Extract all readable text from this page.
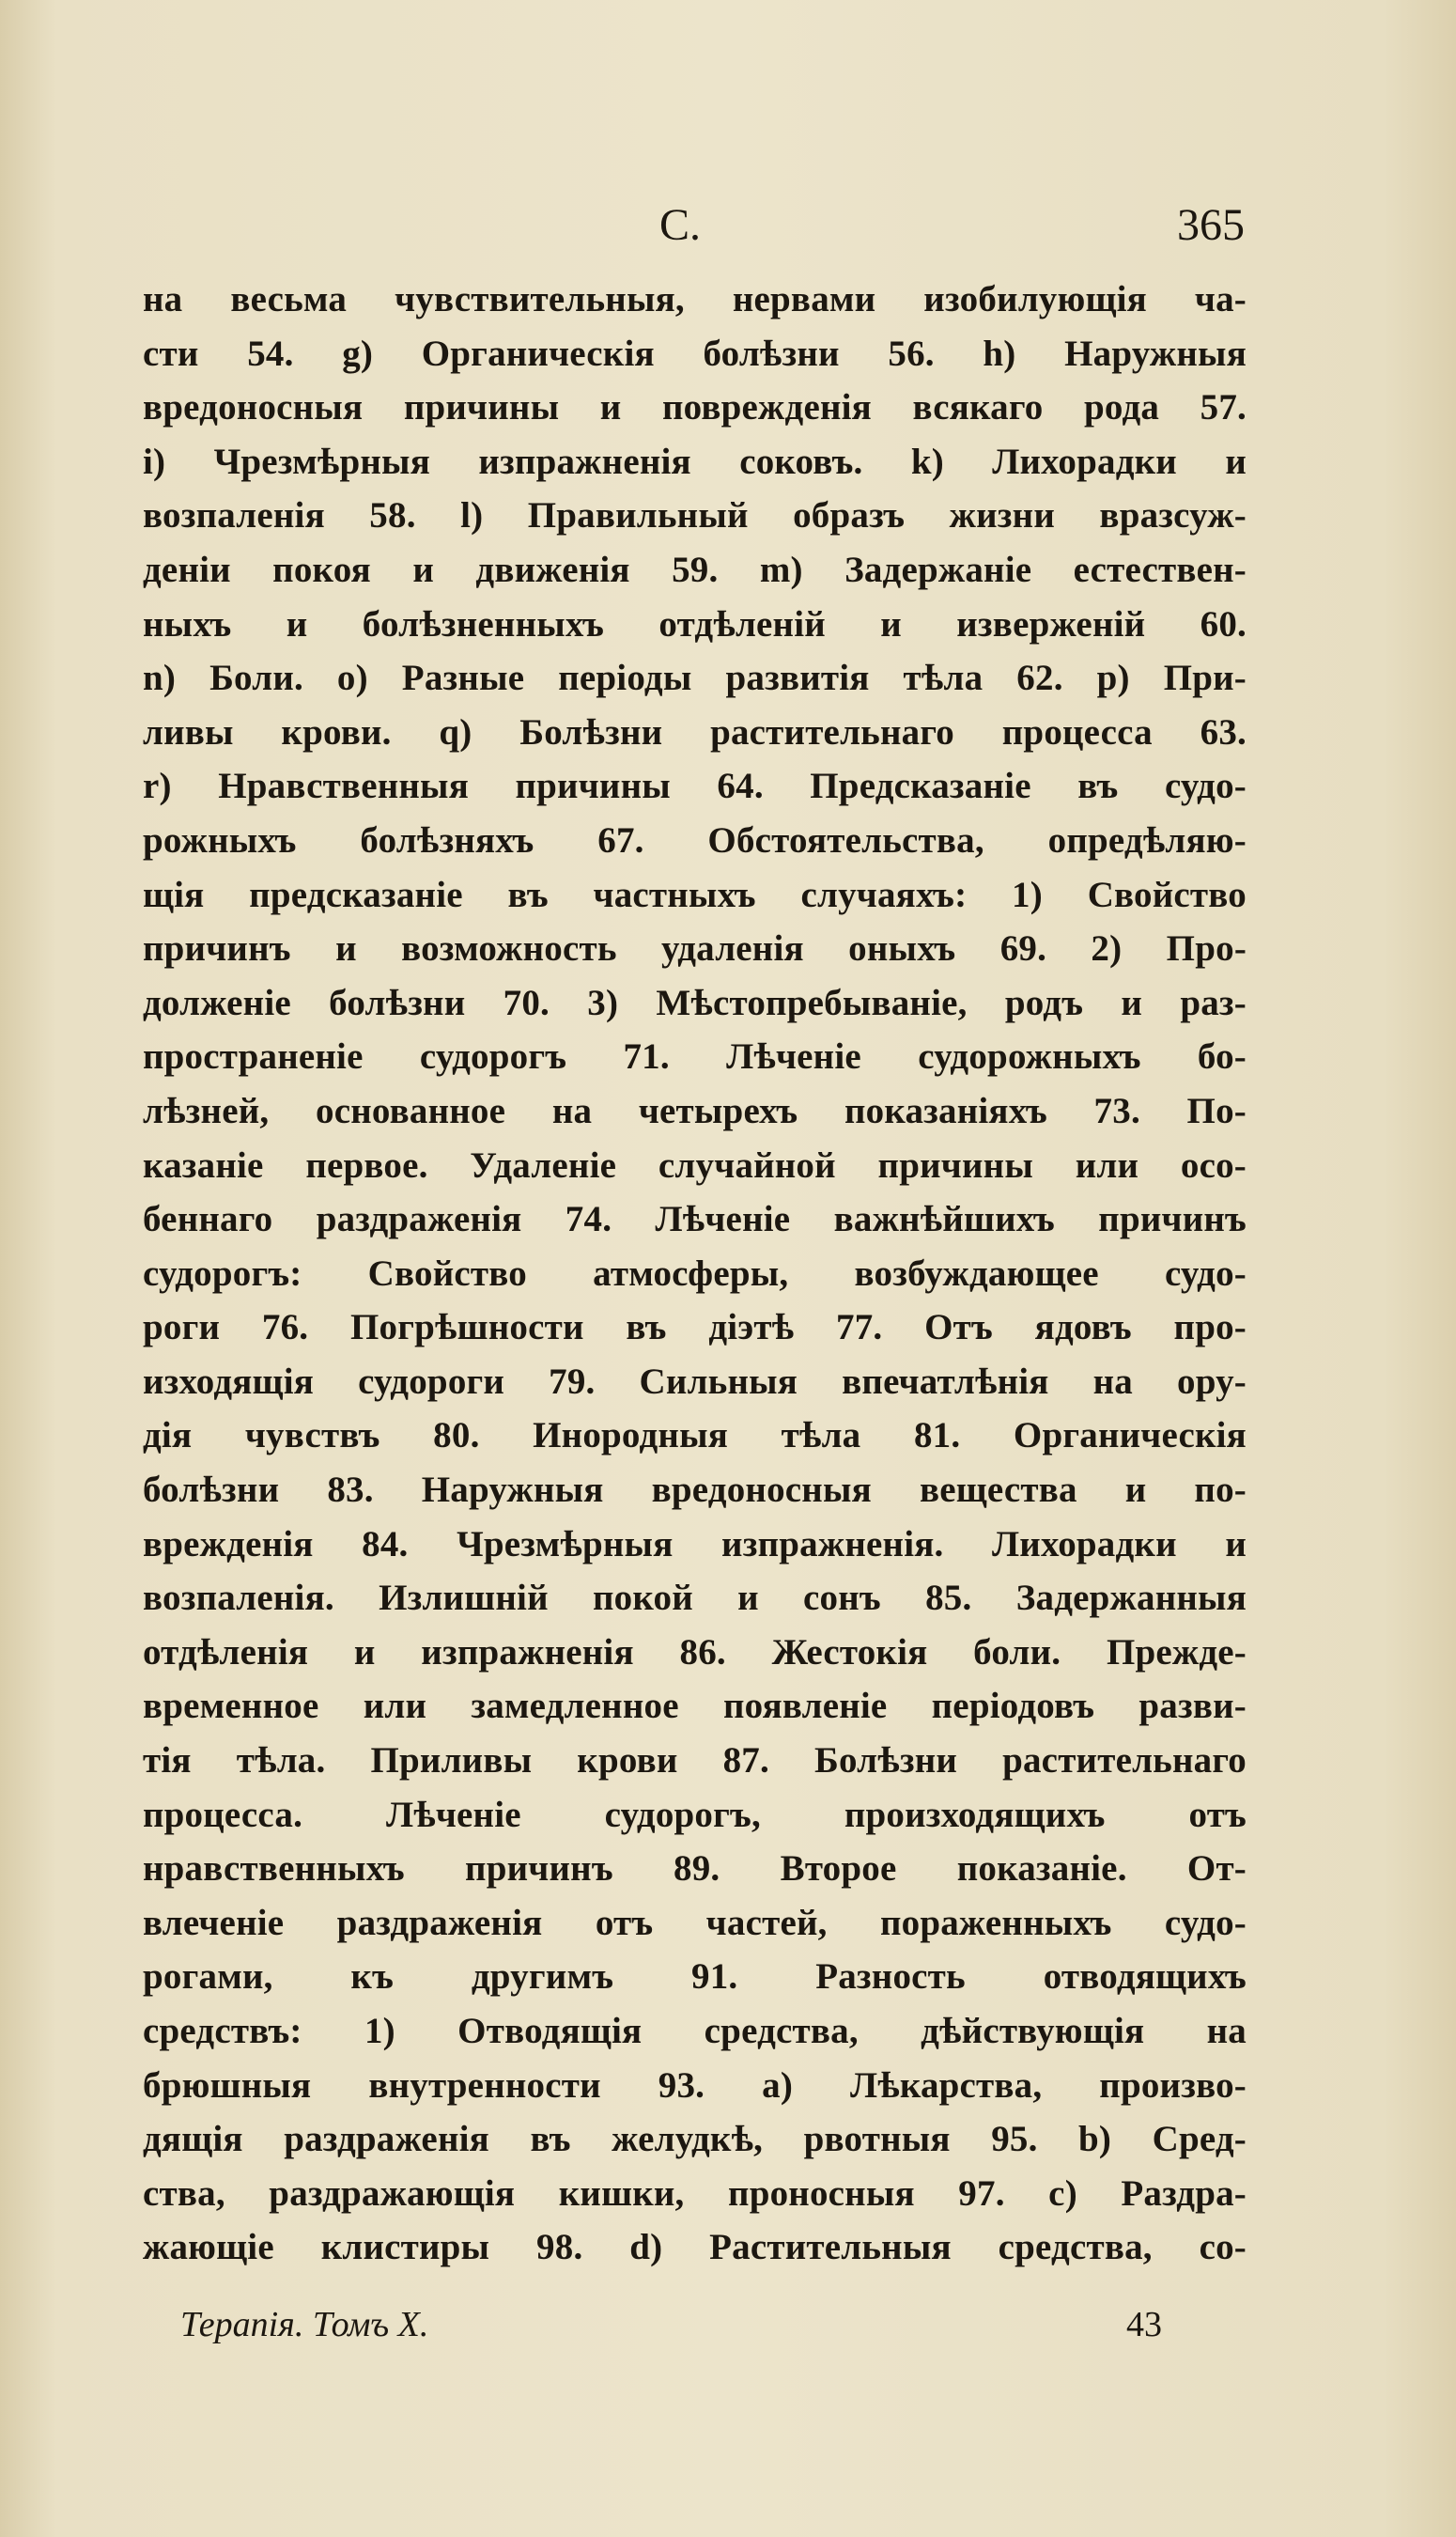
С.	365
на весьма чувствительныя, нервами изобилующія ча-
сти 54. g) Органическія болѣзни 56. h) Наружныя
вредоносныя причины и поврежденія всякаго рода 57.
i) Чрезмѣрныя изпражненія соковъ. k) Лихорадки и
возпаленія 58. l) Правильный образъ жизни вразсуж-
деніи покоя и движенія 59. m) Задержаніе естествен-
ныхъ и болѣзненныхъ отдѣленій и изверженій 60.
n) Боли. o) Разные періоды развитія тѣла 62. p) При-
ливы крови. q) Болѣзни растительнаго процесса 63.
r) Нравственныя причины 64. Предсказаніе въ судо-
рожныхъ болѣзняхъ 67. Обстоятельства, опредѣляю-
щія предсказаніе въ частныхъ случаяхъ: 1) Свойство
причинъ и возможность удаленія оныхъ 69. 2) Про-
долженіе болѣзни 70. 3) Мѣстопребываніе, родъ и раз-
пространеніе судорогъ 71. Лѣченіе судорожныхъ бо-
лѣзней, основанное на четырехъ показаніяхъ 73. По-
казаніе первое. Удаленіе случайной причины или осо-
беннаго раздраженія 74. Лѣченіе важнѣйшихъ причинъ
судорогъ: Свойство атмосферы, возбуждающее судо-
роги 76. Погрѣшности въ діэтѣ 77. Отъ ядовъ про-
изходящія судороги 79. Сильныя впечатлѣнія на ору-
дія чувствъ 80. Инородныя тѣла 81. Органическія
болѣзни 83. Наружныя вредоносныя вещества и по-
врежденія 84. Чрезмѣрныя изпражненія. Лихорадки и
возпаленія. Излишній покой и сонъ 85. Задержанныя
отдѣленія и изпражненія 86. Жестокія боли. Прежде-
временное или замедленное появленіе періодовъ разви-
тія тѣла. Приливы крови 87. Болѣзни растительнаго
процесса. Лѣченіе судорогъ, произходящихъ отъ
нравственныхъ причинъ 89. Второе показаніе. От-
влеченіе раздраженія отъ частей, пораженныхъ судо-
рогами, къ другимъ 91. Разность отводящихъ
средствъ: 1) Отводящія средства, дѣйствующія на
брюшныя внутренности 93. a) Лѣкарства, произво-
дящія раздраженія въ желудкѣ, рвотныя 95. b) Сред-
ства, раздражающія кишки, проносныя 97. c) Раздра-
жающіе клистиры 98. d) Растительныя средства, со-
Терапія. Томъ Х.	43
